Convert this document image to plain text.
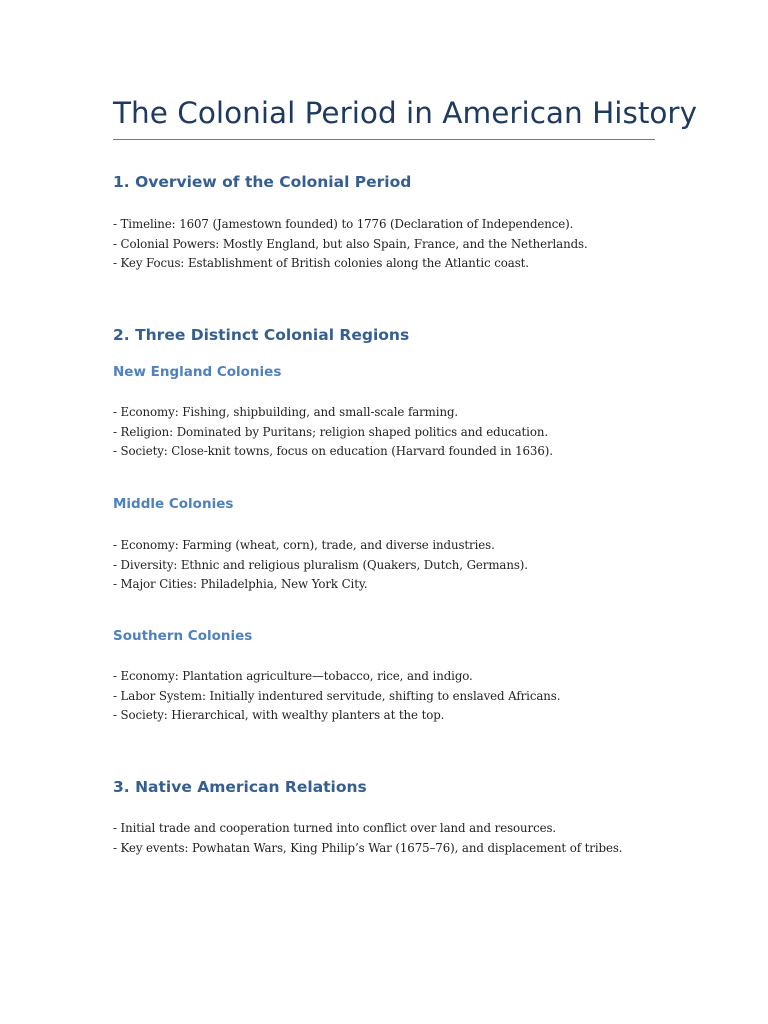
The Colonial Period in American History
1. Overview of the Colonial Period
- Timeline: 1607 (Jamestown founded) to 1776 (Declaration of Independence).
- Colonial Powers: Mostly England, but also Spain, France, and the Netherlands.
- Key Focus: Establishment of British colonies along the Atlantic coast.
2. Three Distinct Colonial Regions
New England Colonies
- Economy: Fishing, shipbuilding, and small-scale farming.
- Religion: Dominated by Puritans; religion shaped politics and education.
- Society: Close-knit towns, focus on education (Harvard founded in 1636).
Middle Colonies
- Economy: Farming (wheat, corn), trade, and diverse industries.
- Diversity: Ethnic and religious pluralism (Quakers, Dutch, Germans).
- Major Cities: Philadelphia, New York City.
Southern Colonies
- Economy: Plantation agriculture—tobacco, rice, and indigo.
- Labor System: Initially indentured servitude, shifting to enslaved Africans.
- Society: Hierarchical, with wealthy planters at the top.
3. Native American Relations
- Initial trade and cooperation turned into conflict over land and resources.
- Key events: Powhatan Wars, King Philip’s War (1675–76), and displacement of tribes.
